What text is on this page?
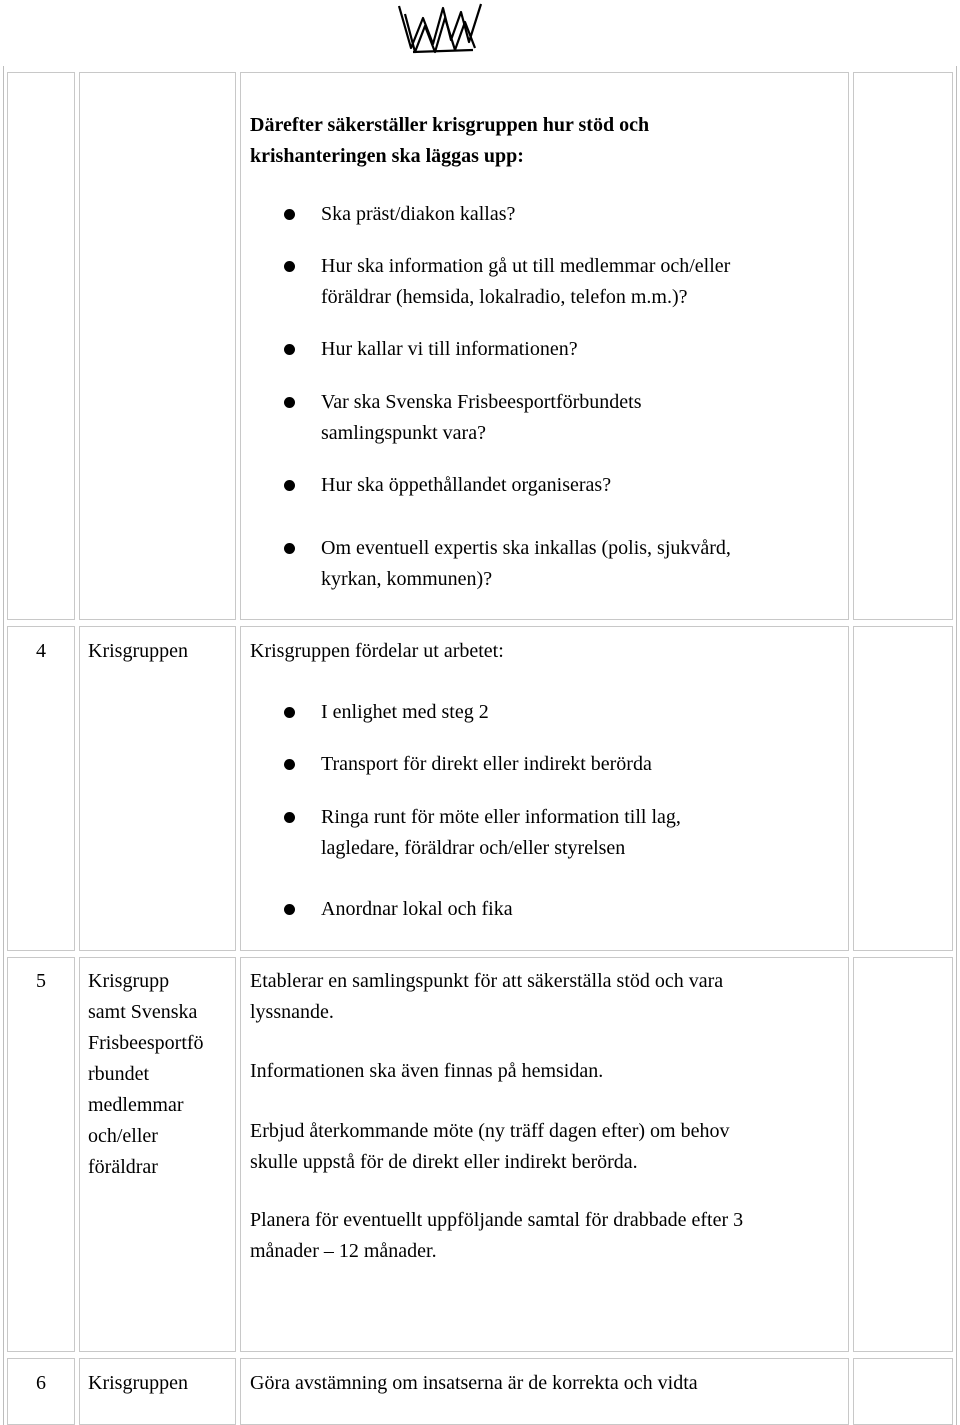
Därefter säkerställer krisgruppen hur stöd och
krishanteringen ska läggas upp:
Ska präst/diakon kallas?
Hur ska information gå ut till medlemmar och/eller
föräldrar (hemsida, lokalradio, telefon m.m.)?
Hur kallar vi till informationen?
Var ska Svenska Frisbeesportförbundets
samlingspunkt vara?
Hur ska öppethållandet organiseras?
Om eventuell expertis ska inkallas (polis, sjukvård,
kyrkan, kommunen)?
4 Krisgruppen	Krisgruppen fördelar ut arbetet:
I enlighet med steg 2
Transport för direkt eller indirekt berörda
Ringa runt för möte eller information till lag,
lagledare, föräldrar och/eller styrelsen
Anordnar lokal och fika
5 Krisgrupp
samt Svenska
Frisbeesportfö
rbundet
medlemmar
och/eller
föräldrar
Etablerar en samlingspunkt för att säkerställa stöd och vara
lyssnande.
Informationen ska även finnas på hemsidan.
Erbjud återkommande möte (ny träff dagen efter) om behov
skulle uppstå för de direkt eller indirekt berörda.
Planera för eventuellt uppföljande samtal för drabbade efter 3
månader – 12 månader.
6 Krisgruppen	Göra avstämning om insatserna är de korrekta och vidta
